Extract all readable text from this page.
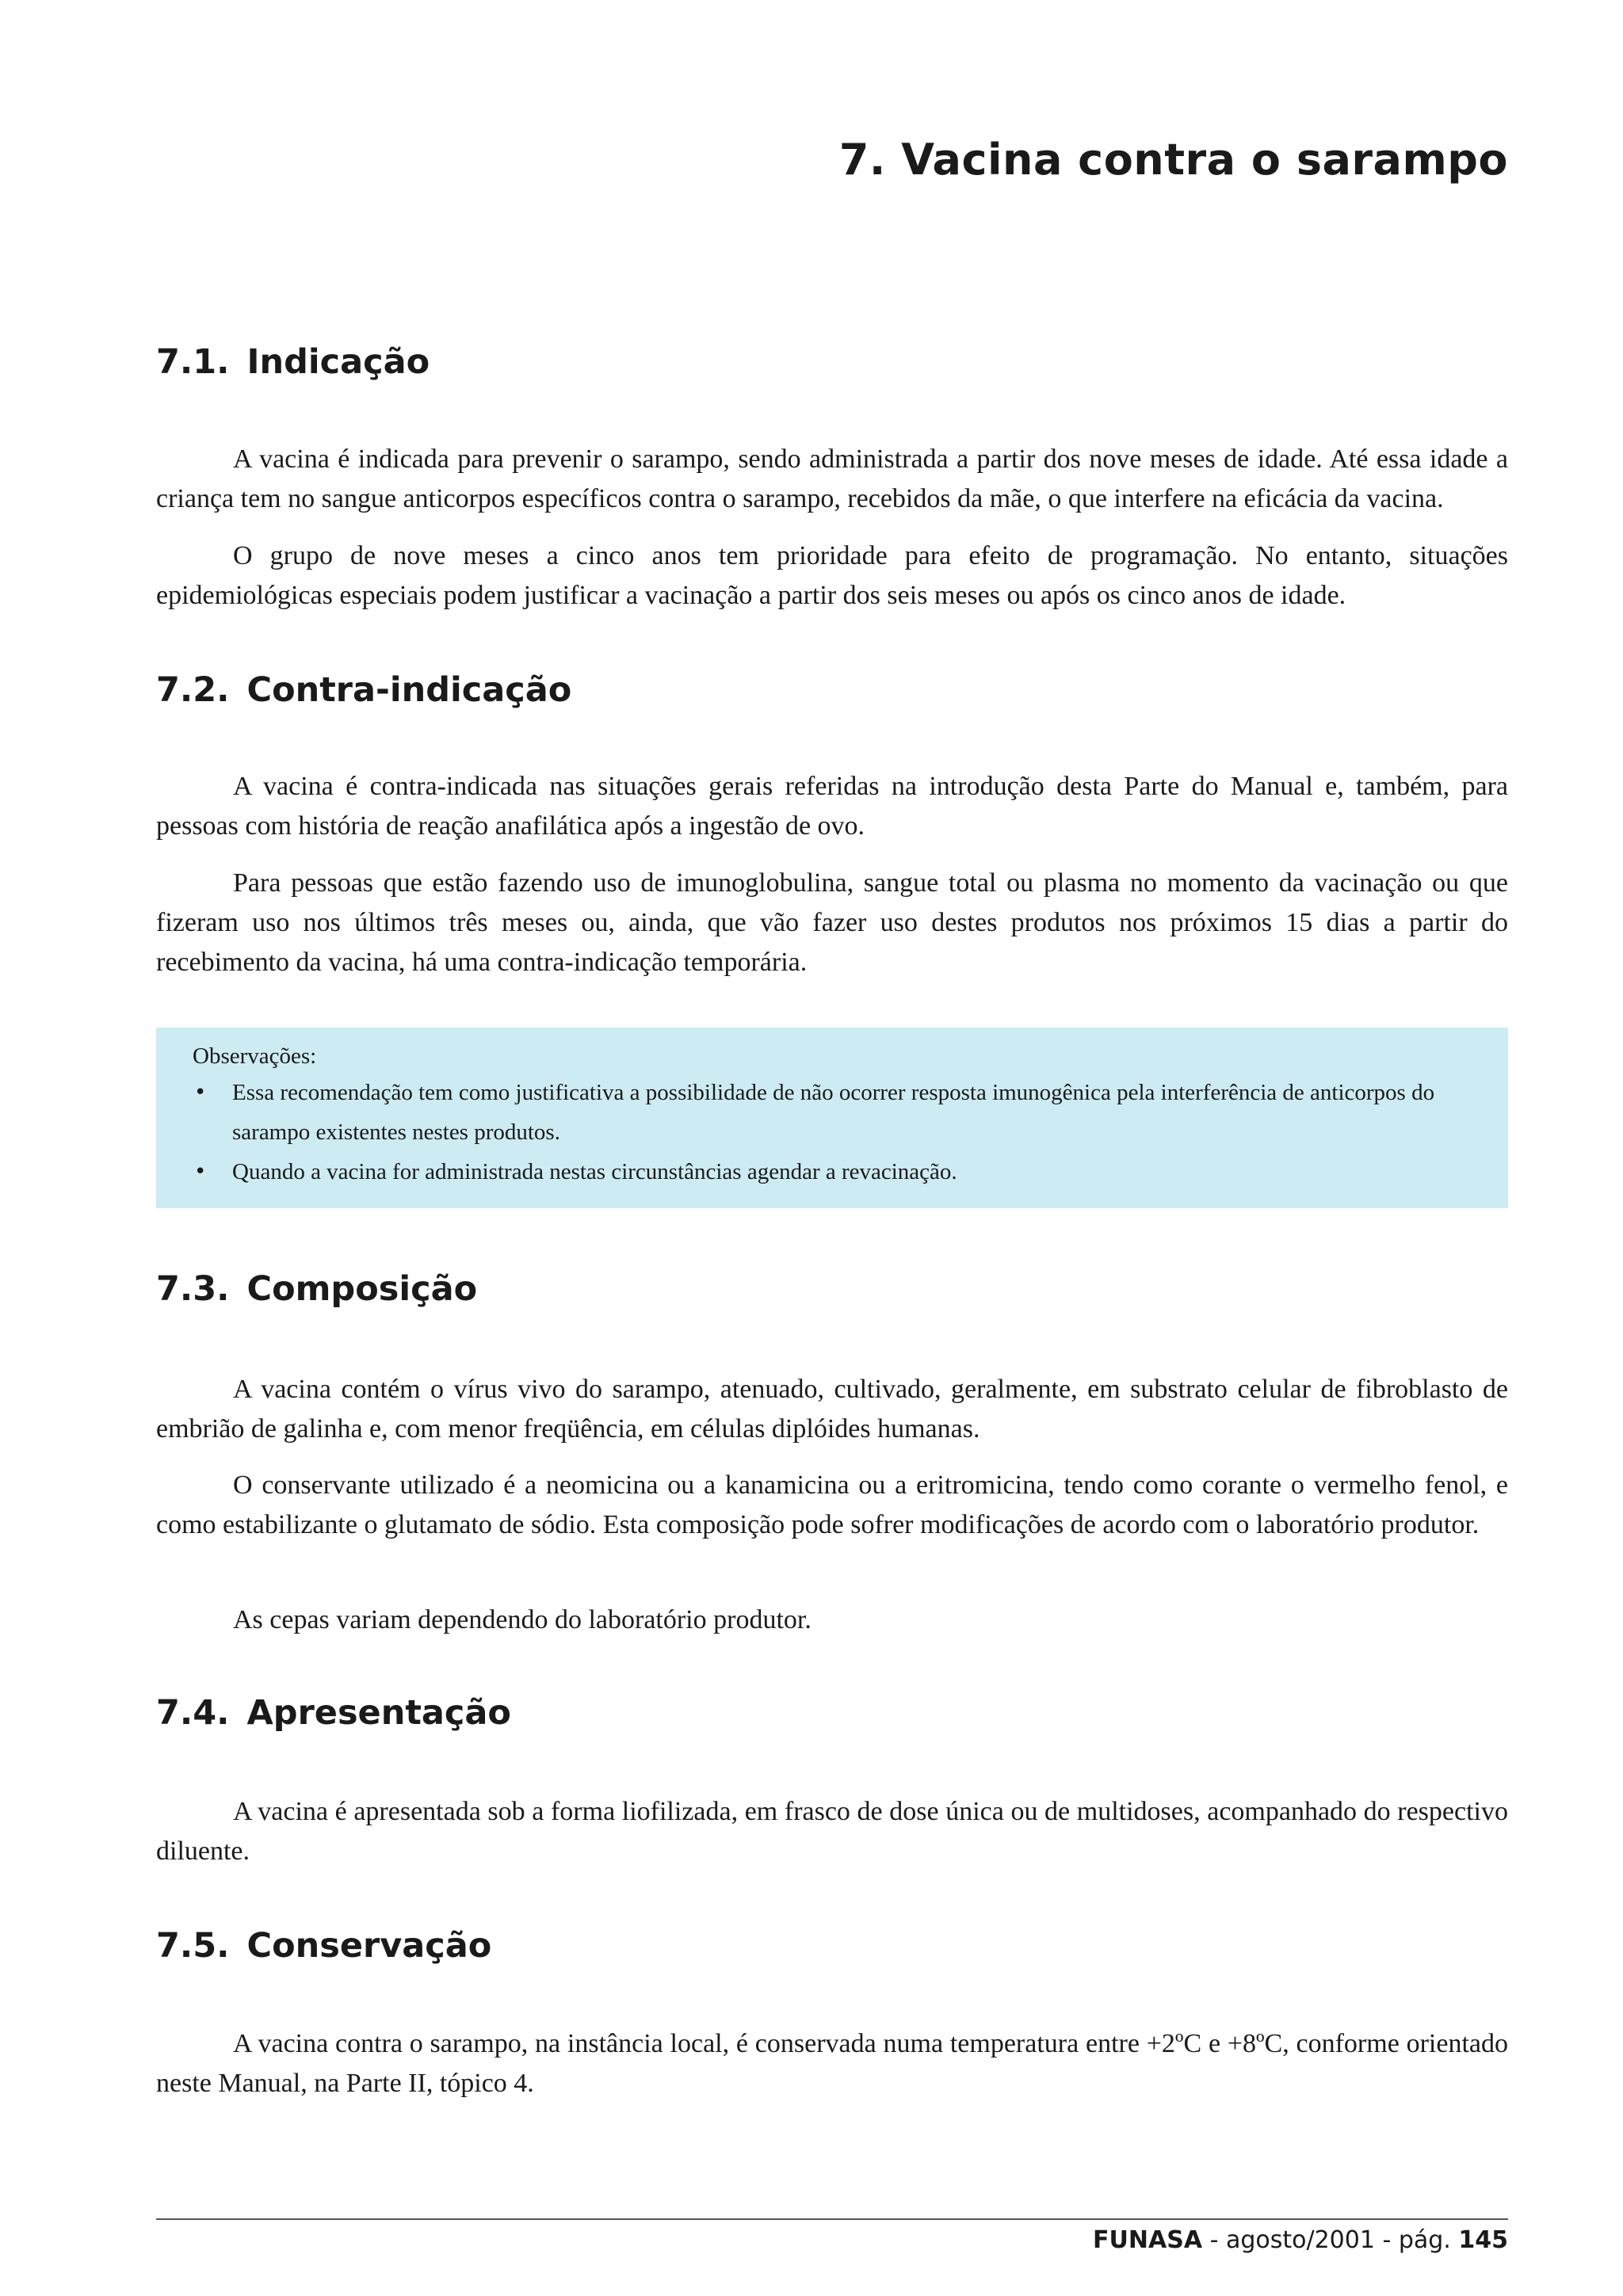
7. Vacina contra o sarampo
7.1. Indicação
A vacina é indicada para prevenir o sarampo, sendo administrada a partir dos nove meses de idade. Até essa idade a criança tem no sangue anticorpos específicos contra o sarampo, recebidos da mãe, o que interfere na eficácia da vacina.
O grupo de nove meses a cinco anos tem prioridade para efeito de programação. No entanto, situações epidemiológicas especiais podem justificar a vacinação a partir dos seis meses ou após os cinco anos de idade.
7.2. Contra-indicação
A vacina é contra-indicada nas situações gerais referidas na introdução desta Parte do Manual e, também, para pessoas com história de reação anafilática após a ingestão de ovo.
Para pessoas que estão fazendo uso de imunoglobulina, sangue total ou plasma no momento da vacinação ou que fizeram uso nos últimos três meses ou, ainda, que vão fazer uso destes produtos nos próximos 15 dias a partir do recebimento da vacina, há uma contra-indicação temporária.
Observações:
• Essa recomendação tem como justificativa a possibilidade de não ocorrer resposta imunogênica pela interferência de anticorpos do sarampo existentes nestes produtos.
• Quando a vacina for administrada nestas circunstâncias agendar a revacinação.
7.3. Composição
A vacina contém o vírus vivo do sarampo, atenuado, cultivado, geralmente, em substrato celular de fibroblasto de embrião de galinha e, com menor freqüência, em células diplóides humanas.
O conservante utilizado é a neomicina ou a kanamicina ou a eritromicina, tendo como corante o vermelho fenol, e como estabilizante o glutamato de sódio. Esta composição pode sofrer modificações de acordo com o laboratório produtor.
As cepas variam dependendo do laboratório produtor.
7.4. Apresentação
A vacina é apresentada sob a forma liofilizada, em frasco de dose única ou de multidoses, acompanhado do respectivo diluente.
7.5. Conservação
A vacina contra o sarampo, na instância local, é conservada numa temperatura entre +2ºC e +8ºC, conforme orientado neste Manual, na Parte II, tópico 4.
FUNASA - agosto/2001 - pág. 145
